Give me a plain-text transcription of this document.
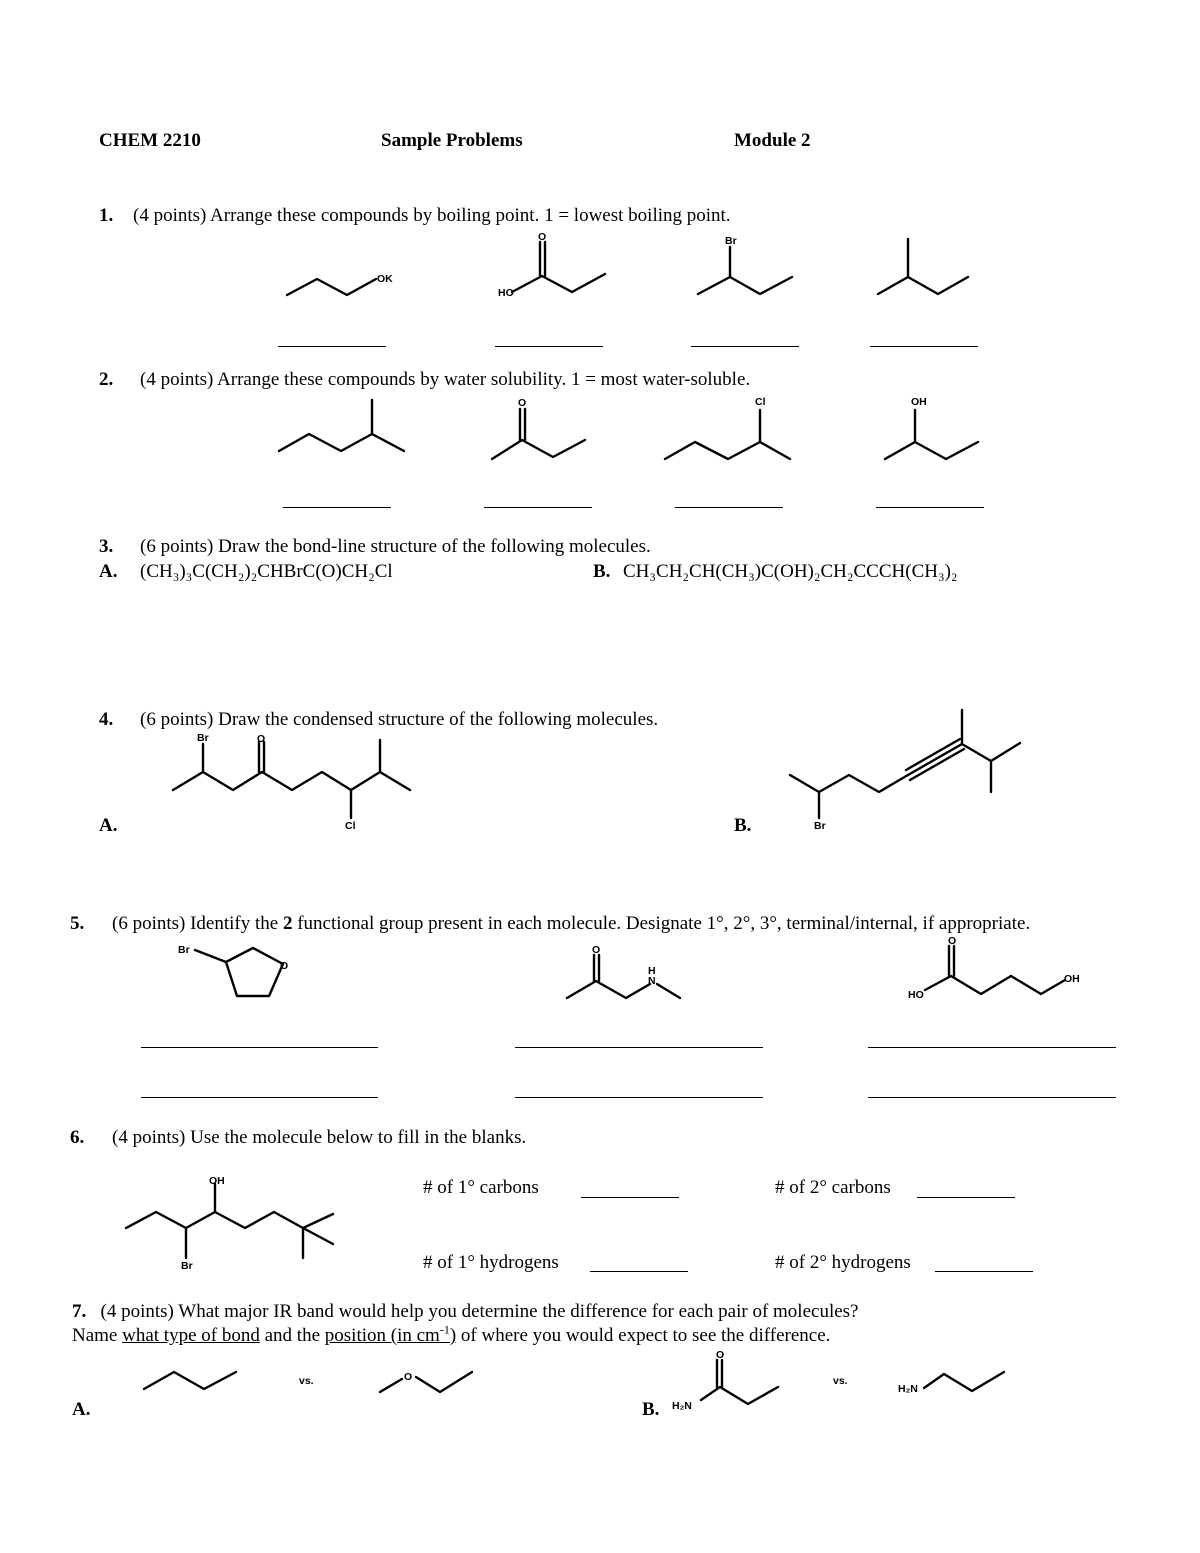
CHEM 2210	Sample Problems	Module 2
1. (4 points) Arrange these compounds by boiling point. 1 = lowest boiling point.
OK
O
HO
Br
2. (4 points) Arrange these compounds by water solubility. 1 = most water-soluble.
O	Cl	OH
3. (6 points) Draw the bond-line structure of the following molecules.
A. (CH₃)₃C(CH₂)₂CHBrC(O)CH₂Cl	B. CH₃CH₂CH(CH₃)C(OH)₂CH₂CCCH(CH₃)₂
4. (6 points) Draw the condensed structure of the following molecules.
Br	O
Cl
A.	Br
B.
5. (6 points) Identify the 2 functional group present in each molecule. Designate 1°, 2°, 3°, terminal/internal, if appropriate.
Br
O
O
H
N
O
HO
OH
6. (4 points) Use the molecule below to fill in the blanks.
OH
Br
# of 1° carbons	# of 2° carbons
# of 1° hydrogens	# of 2° hydrogens
7. (4 points) What major IR band would help you determine the difference for each pair of molecules?
Name what type of bond and the position (in $cm^{-1}$) of where you would expect to see the difference.
vs.	O
A.
O
H₂N
vs.
H₂N
B.
